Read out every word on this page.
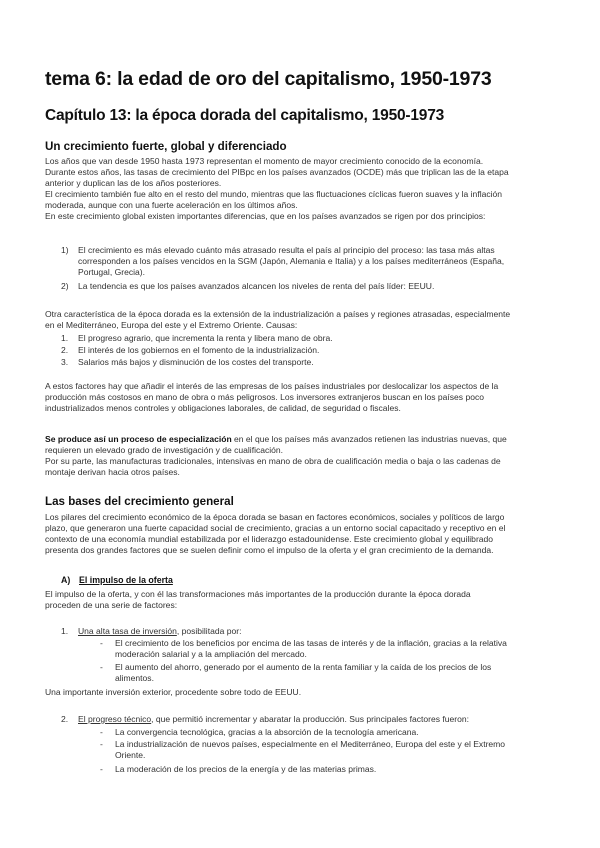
tema 6: la edad de oro del capitalismo, 1950-1973
Capítulo 13: la época dorada del capitalismo, 1950-1973
Un crecimiento fuerte, global y diferenciado
Los años que van desde 1950 hasta 1973 representan el momento de mayor crecimiento conocido de la economía.
Durante estos años, las tasas de crecimiento del PIBpc en los países avanzados (OCDE) más que triplican las de la etapa
anterior y duplican las de los años posteriores.
El crecimiento también fue alto en el resto del mundo, mientras que las fluctuaciones cíclicas fueron suaves y la inflación
moderada, aunque con una fuerte aceleración en los últimos años.
En este crecimiento global existen importantes diferencias, que en los países avanzados se rigen por dos principios:
1) El crecimiento es más elevado cuánto más atrasado resulta el país al principio del proceso: las tasa más altas
corresponden a los países vencidos en la SGM (Japón, Alemania e Italia) y a los países mediterráneos (España,
Portugal, Grecia).
2) La tendencia es que los países avanzados alcancen los niveles de renta del país líder: EEUU.
Otra característica de la época dorada es la extensión de la industrialización a países y regiones atrasadas, especialmente
en el Mediterráneo, Europa del este y el Extremo Oriente. Causas:
1. El progreso agrario, que incrementa la renta y libera mano de obra.
2. El interés de los gobiernos en el fomento de la industrialización.
3. Salarios más bajos y disminución de los costes del transporte.
A estos factores hay que añadir el interés de las empresas de los países industriales por deslocalizar los aspectos de la
producción más costosos en mano de obra o más peligrosos. Los inversores extranjeros buscan en los países poco
industrializados menos controles y obligaciones laborales, de calidad, de seguridad o fiscales.
Se produce así un proceso de especialización en el que los países más avanzados retienen las industrias nuevas, que
requieren un elevado grado de investigación y de cualificación.
Por su parte, las manufacturas tradicionales, intensivas en mano de obra de cualificación media o baja o las cadenas de
montaje derivan hacia otros países.
Las bases del crecimiento general
Los pilares del crecimiento económico de la época dorada se basan en factores económicos, sociales y políticos de largo
plazo, que generaron una fuerte capacidad social de crecimiento, gracias a un entorno social capacitado y receptivo en el
contexto de una economía mundial estabilizada por el liderazgo estadounidense. Este crecimiento global y equilibrado
presenta dos grandes factores que se suelen definir como el impulso de la oferta y el gran crecimiento de la demanda.
A) El impulso de la oferta
El impulso de la oferta, y con él las transformaciones más importantes de la producción durante la época dorada
proceden de una serie de factores:
1. Una alta tasa de inversión, posibilitada por:
- El crecimiento de los beneficios por encima de las tasas de interés y de la inflación, gracias a la relativa
moderación salarial y a la ampliación del mercado.
- El aumento del ahorro, generado por el aumento de la renta familiar y la caída de los precios de los
alimentos.
Una importante inversión exterior, procedente sobre todo de EEUU.
2. El progreso técnico, que permitió incrementar y abaratar la producción. Sus principales factores fueron:
- La convergencia tecnológica, gracias a la absorción de la tecnología americana.
- La industrialización de nuevos países, especialmente en el Mediterráneo, Europa del este y el Extremo
Oriente.
- La moderación de los precios de la energía y de las materias primas.
